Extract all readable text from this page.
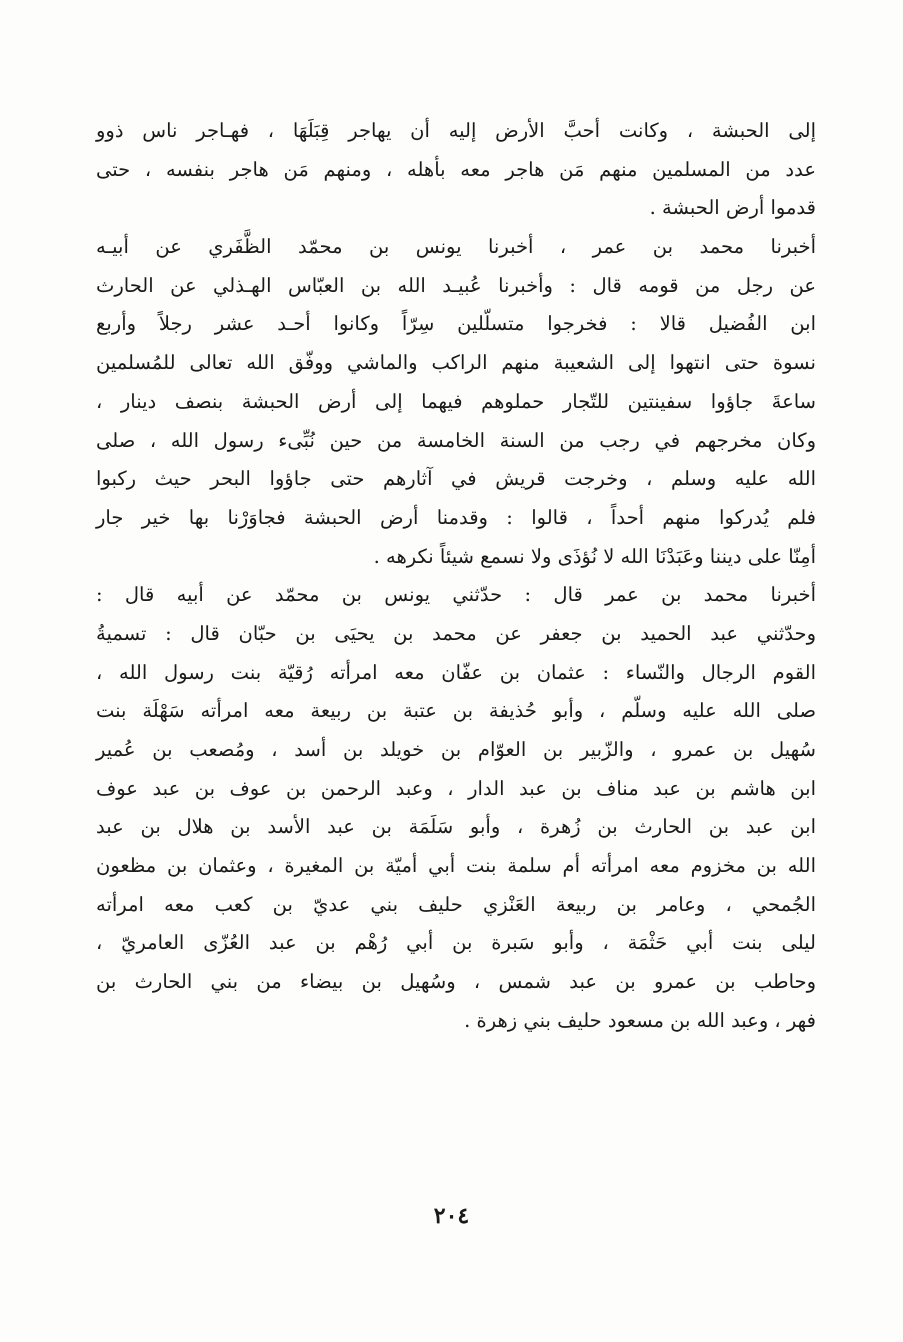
إلى الحبشة ، وكانت أحبَّ الأرض إليه أن يهاجر قِبَلَهَا ، فهـاجر ناس ذوو
عدد من المسلمين منهم مَن هاجر معه بأهله ، ومنهم مَن هاجر بنفسه ، حتى
قدموا أرض الحبشة .
أخبرنا محمد بن عمر ، أخبرنا يونس بن محمّد الظَّفَري عن أبيـه
عن رجل من قومه قال : وأخبرنا عُبيـد الله بن العبّاس الهـذلي عن الحارث
ابن الفُضيل قالا : فخرجوا متسلّلين سِرّاً وكانوا أحـد عشر رجلاً وأربع
نسوة حتى انتهوا إلى الشعيبة منهم الراكب والماشي ووفّق الله تعالى للمُسلمين
ساعةَ جاؤوا سفينتين للتّجار حملوهم فيهما إلى أرض الحبشة بنصف دينار ،
وكان مخرجهم في رجب من السنة الخامسة من حين نُبِّىء رسول الله ، صلى
الله عليه وسلم ، وخرجت قريش في آثارهم حتى جاؤوا البحر حيث ركبوا
فلم يُدركوا منهم أحداً ، قالوا : وقدمنا أرض الحبشة فجاوَرْنا بها خير جار
أمِنّا على ديننا وعَبَدْنَا الله لا نُؤذَى ولا نسمع شيئاً نكرهه .
أخبرنا محمد بن عمر قال : حدّثني يونس بن محمّد عن أبيه قال :
وحدّثني عبد الحميد بن جعفر عن محمد بن يحيَى بن حبّان قال : تسميةُ
القوم الرجال والنّساء : عثمان بن عفّان معه امرأته رُقيّة بنت رسول الله ،
صلى الله عليه وسلّم ، وأبو حُذيفة بن عتبة بن ربيعة معه امرأته سَهْلَة بنت
سُهيل بن عمرو ، والزّبير بن العوّام بن خويلد بن أسد ، ومُصعب بن عُمير
ابن هاشم بن عبد مناف بن عبد الدار ، وعبد الرحمن بن عوف بن عبد عوف
ابن عبد بن الحارث بن زُهرة ، وأبو سَلَمَة بن عبد الأسد بن هلال بن عبد
الله بن مخزوم معه امرأته أم سلمة بنت أبي أميّة بن المغيرة ، وعثمان بن مظعون
الجُمحي ، وعامر بن ربيعة العَنْزي حليف بني عديّ بن كعب معه امرأته
ليلى بنت أبي حَثْمَة ، وأبو سَبرة بن أبي رُهْم بن عبد العُزّى العامريّ ،
وحاطب بن عمرو بن عبد شمس ، وسُهيل بن بيضاء من بني الحارث بن
فهر ، وعبد الله بن مسعود حليف بني زهرة .
٢٠٤
